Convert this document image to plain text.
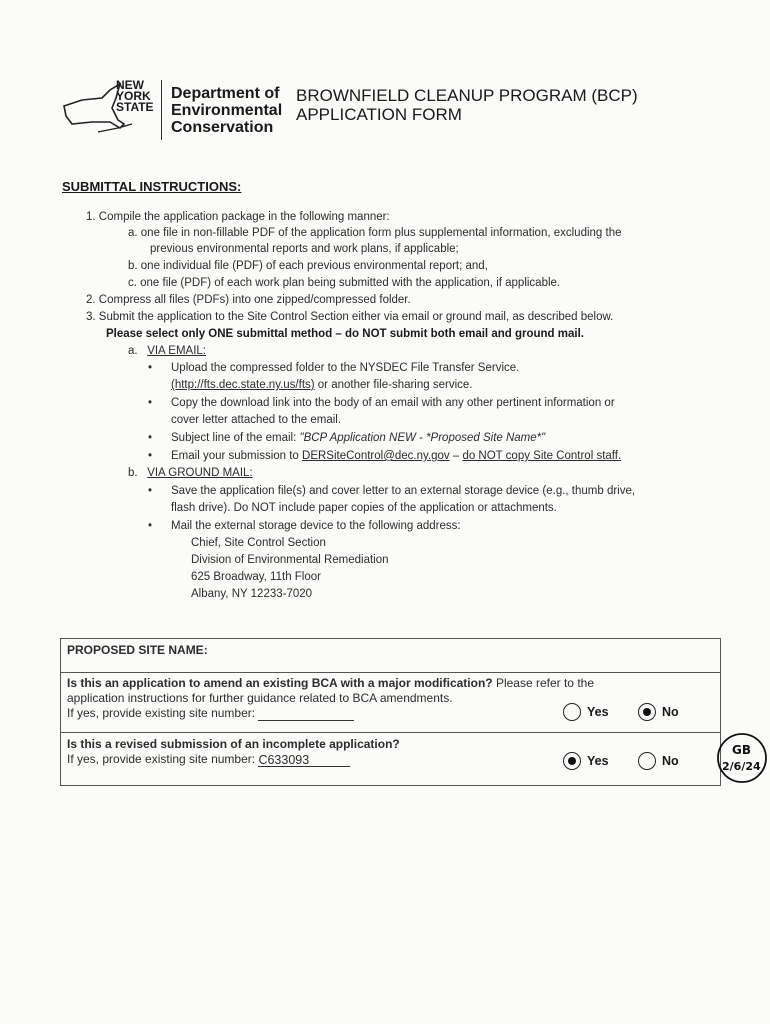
NEW
YORK
STATE
Department of
Environmental
Conservation
BROWNFIELD CLEANUP PROGRAM (BCP)
APPLICATION FORM
SUBMITTAL INSTRUCTIONS:
1. Compile the application package in the following manner:
a. one file in non-fillable PDF of the application form plus supplemental information, excluding the
previous environmental reports and work plans, if applicable;
b. one individual file (PDF) of each previous environmental report; and,
c. one file (PDF) of each work plan being submitted with the application, if applicable.
2. Compress all files (PDFs) into one zipped/compressed folder.
3. Submit the application to the Site Control Section either via email or ground mail, as described below.
Please select only ONE submittal method – do NOT submit both email and ground mail.
a. VIA EMAIL:
• Upload the compressed folder to the NYSDEC File Transfer Service.
(http://fts.dec.state.ny.us/fts) or another file-sharing service.
• Copy the download link into the body of an email with any other pertinent information or
cover letter attached to the email.
• Subject line of the email: "BCP Application NEW - *Proposed Site Name*"
• Email your submission to DERSiteControl@dec.ny.gov – do NOT copy Site Control staff.
b. VIA GROUND MAIL:
• Save the application file(s) and cover letter to an external storage device (e.g., thumb drive,
flash drive). Do NOT include paper copies of the application or attachments.
• Mail the external storage device to the following address:
Chief, Site Control Section
Division of Environmental Remediation
625 Broadway, 11th Floor
Albany, NY 12233-7020
PROPOSED SITE NAME:
Is this an application to amend an existing BCA with a major modification? Please refer to the
application instructions for further guidance related to BCA amendments.
If yes, provide existing site number:	Yes	No
Is this a revised submission of an incomplete application?
If yes, provide existing site number: C633093	Yes	No
GB
2/6/24
